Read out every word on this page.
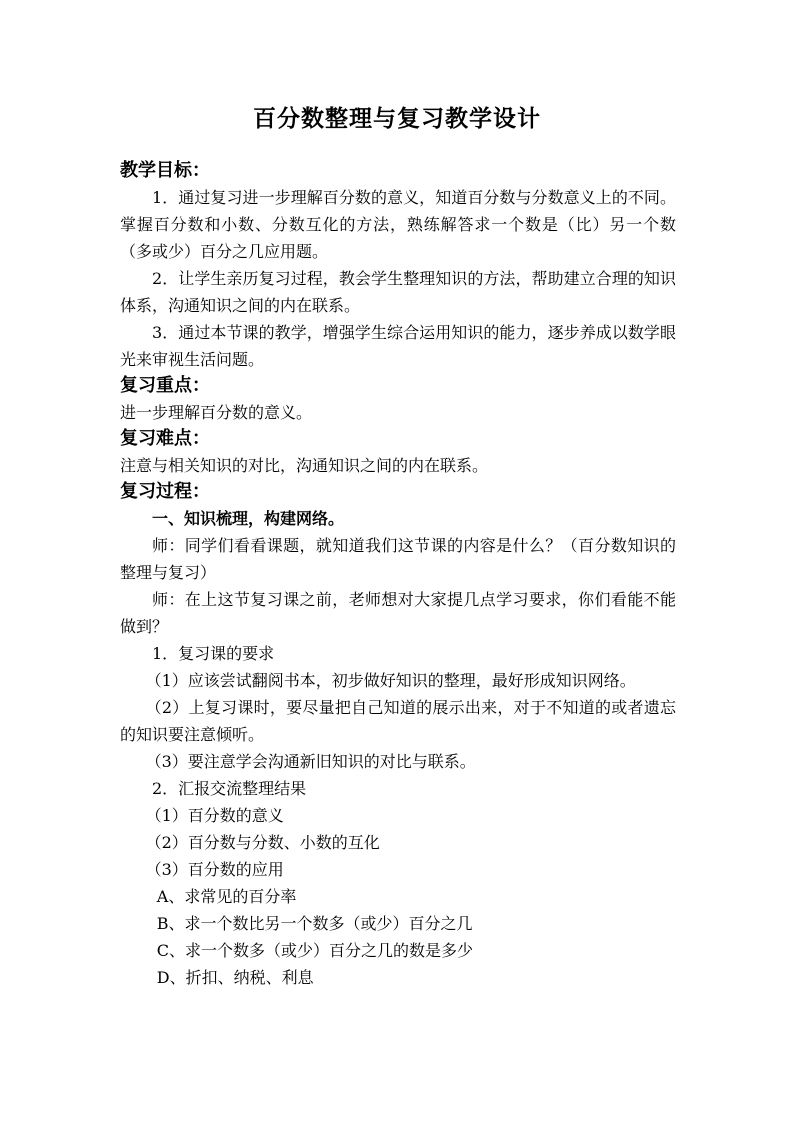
百分数整理与复习教学设计
教学目标：
1．通过复习进一步理解百分数的意义，知道百分数与分数意义上的不同。掌握百分数和小数、分数互化的方法，熟练解答求一个数是（比）另一个数（多或少）百分之几应用题。
2．让学生亲历复习过程，教会学生整理知识的方法，帮助建立合理的知识体系，沟通知识之间的内在联系。
3．通过本节课的教学，增强学生综合运用知识的能力，逐步养成以数学眼光来审视生活问题。
复习重点：
进一步理解百分数的意义。
复习难点：
注意与相关知识的对比，沟通知识之间的内在联系。
复习过程：
一、知识梳理，构建网络。
师：同学们看看课题，就知道我们这节课的内容是什么？（百分数知识的整理与复习）
师：在上这节复习课之前，老师想对大家提几点学习要求，你们看能不能做到？
1．复习课的要求
（1）应该尝试翻阅书本，初步做好知识的整理，最好形成知识网络。
（2）上复习课时，要尽量把自己知道的展示出来，对于不知道的或者遗忘的知识要注意倾听。
（3）要注意学会沟通新旧知识的对比与联系。
2．汇报交流整理结果
（1）百分数的意义
（2）百分数与分数、小数的互化
（3）百分数的应用
A、求常见的百分率
B、求一个数比另一个数多（或少）百分之几
C、求一个数多（或少）百分之几的数是多少
D、折扣、纳税、利息
